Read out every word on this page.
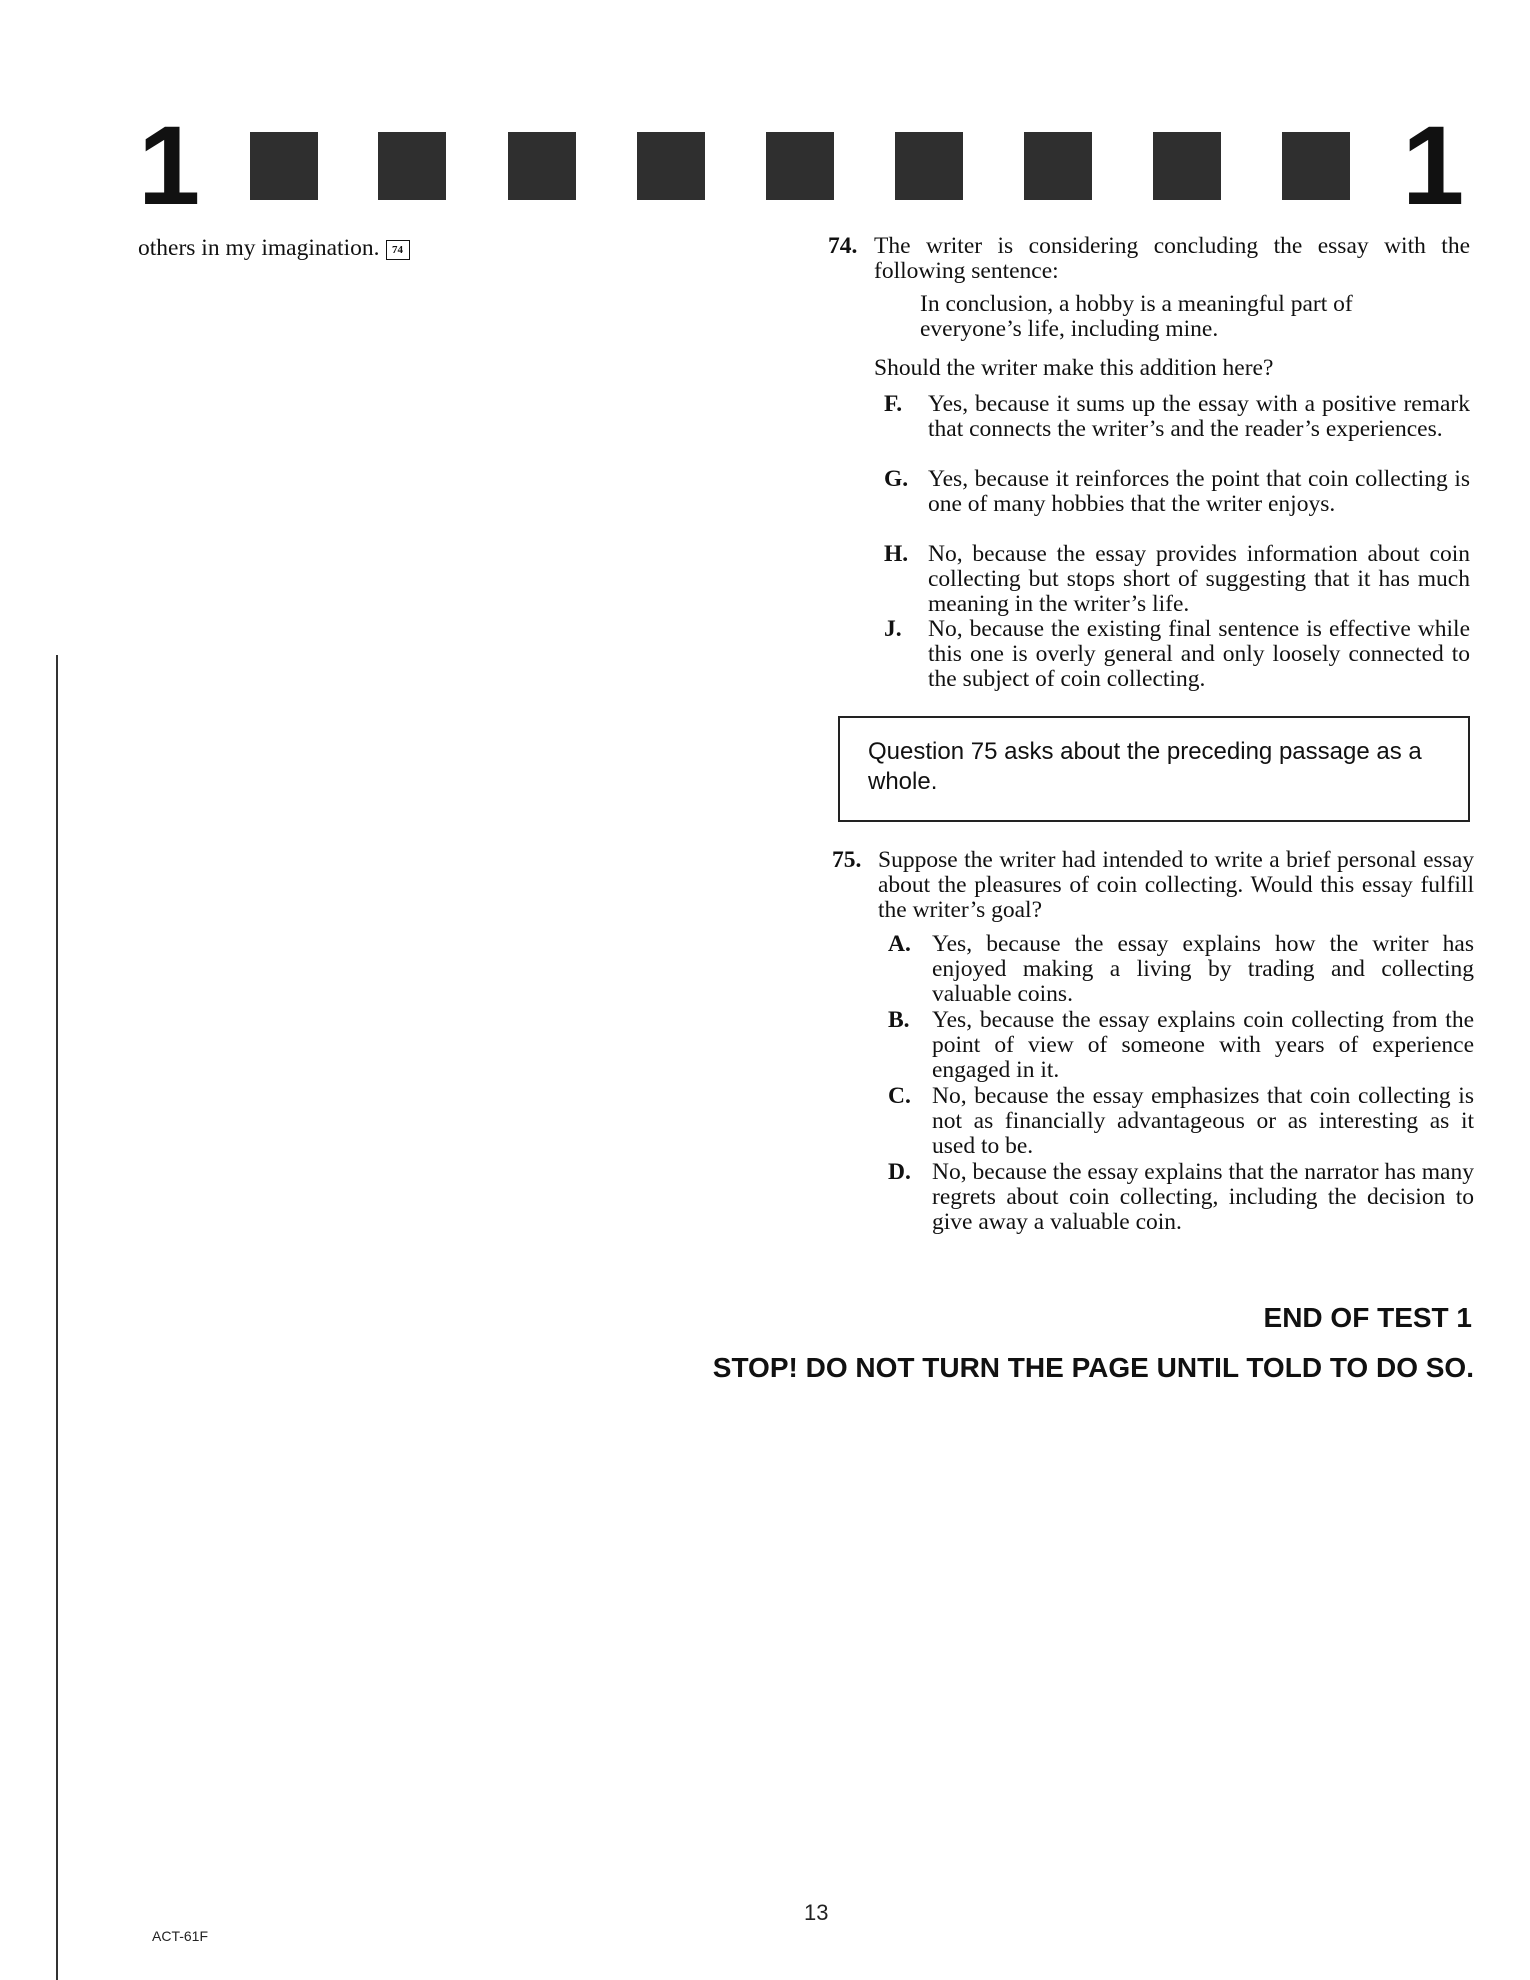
1	1
others in my imagination. 74	74. The writer is considering concluding the essay with the following sentence:
In conclusion, a hobby is a meaningful part of everyone’s life, including mine.
Should the writer make this addition here?
F. Yes, because it sums up the essay with a positive remark that connects the writer’s and the reader’s experiences.
G. Yes, because it reinforces the point that coin collecting is one of many hobbies that the writer enjoys.
H. No, because the essay provides information about coin collecting but stops short of suggesting that it has much meaning in the writer’s life.
J. No, because the existing final sentence is effective while this one is overly general and only loosely connected to the subject of coin collecting.
Question 75 asks about the preceding passage as a whole.
75. Suppose the writer had intended to write a brief personal essay about the pleasures of coin collecting. Would this essay fulfill the writer’s goal?
A. Yes, because the essay explains how the writer has enjoyed making a living by trading and collecting valuable coins.
B. Yes, because the essay explains coin collecting from the point of view of someone with years of experience engaged in it.
C. No, because the essay emphasizes that coin collecting is not as financially advantageous or as interesting as it used to be.
D. No, because the essay explains that the narrator has many regrets about coin collecting, including the decision to give away a valuable coin.
END OF TEST 1
STOP! DO NOT TURN THE PAGE UNTIL TOLD TO DO SO.
ACT-61F
13
